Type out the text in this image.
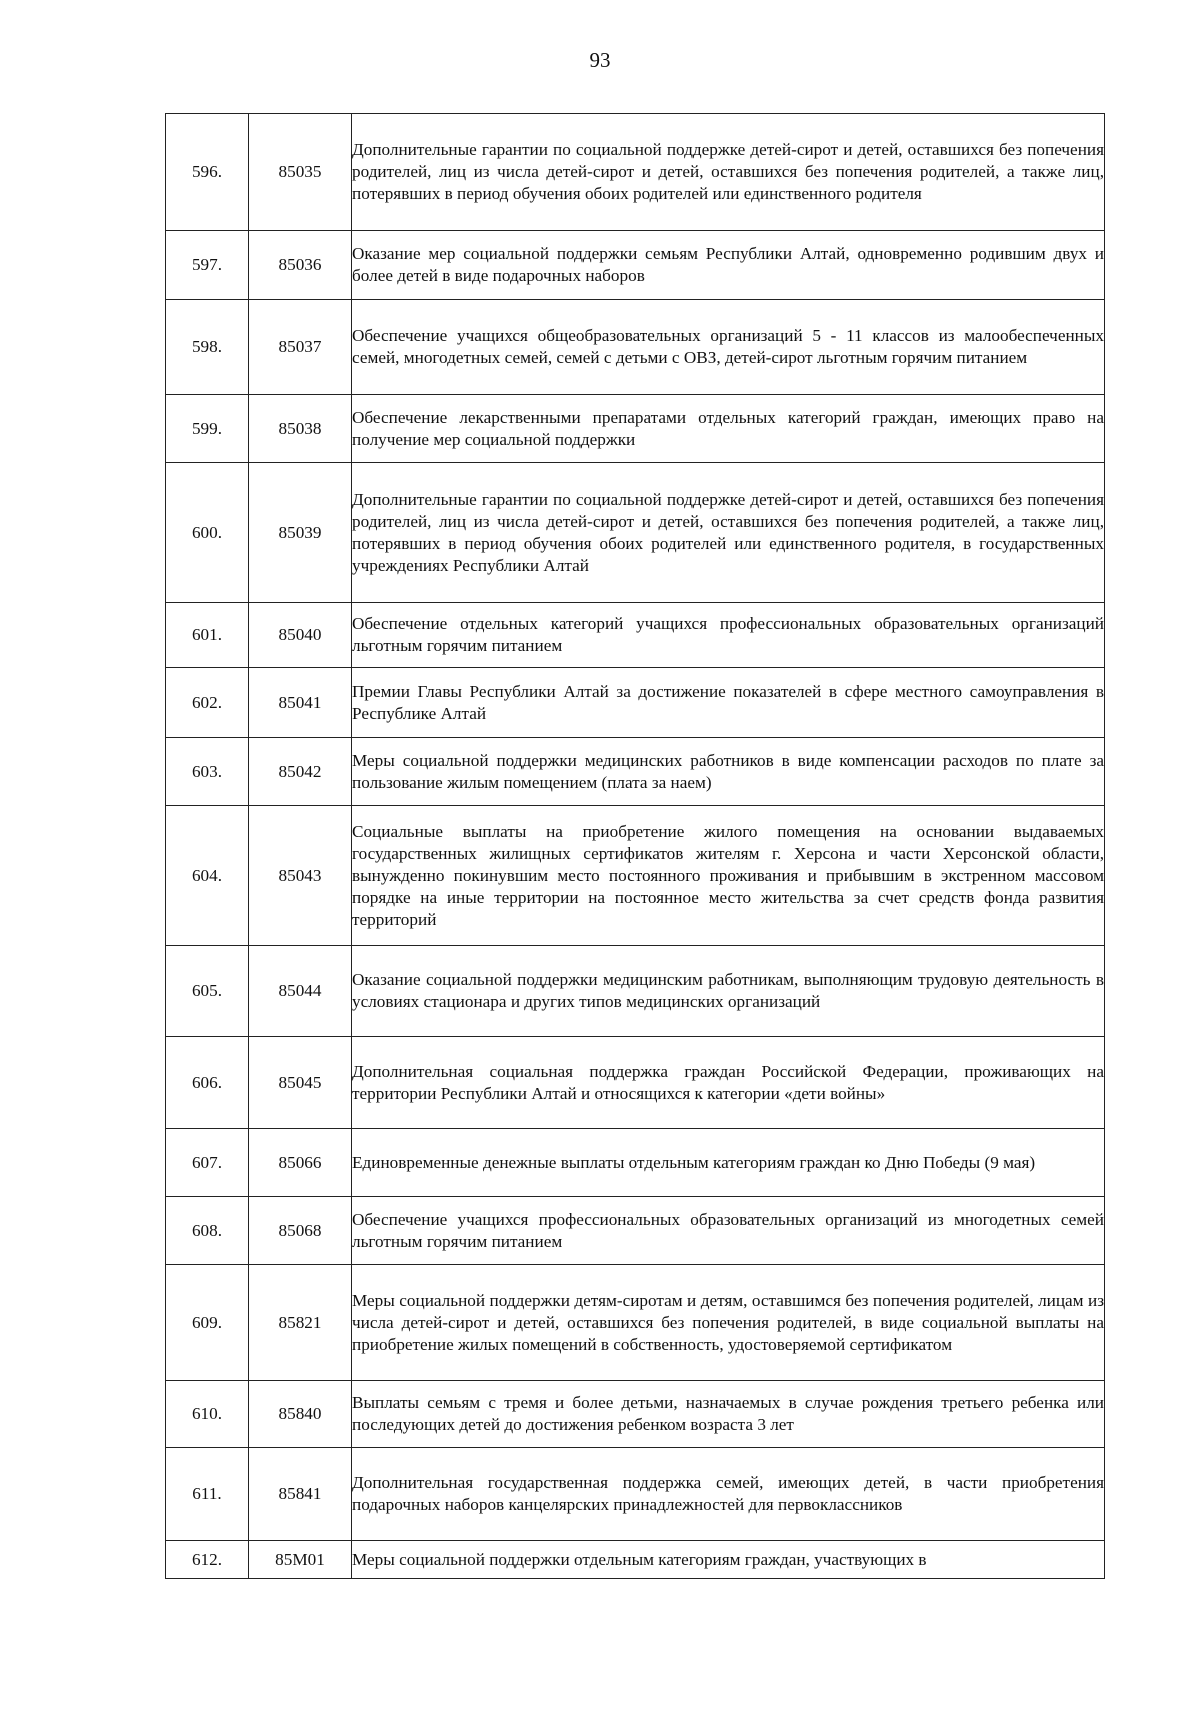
93
596.	85035	Дополнительные гарантии по социальной поддержке детей-сирот и детей, оставшихся без попечения родителей, лиц из числа детей-сирот и детей, оставшихся без попечения родителей, а также лиц, потерявших в период обучения обоих родителей или единственного родителя
597.	85036	Оказание мер социальной поддержки семьям Республики Алтай, одновременно родившим двух и более детей в виде подарочных наборов
598.	85037	Обеспечение учащихся общеобразовательных организаций 5 - 11 классов из малообеспеченных семей, многодетных семей, семей с детьми с ОВЗ, детей-сирот льготным горячим питанием
599.	85038	Обеспечение лекарственными препаратами отдельных категорий граждан, имеющих право на получение мер социальной поддержки
600.	85039	Дополнительные гарантии по социальной поддержке детей-сирот и детей, оставшихся без попечения родителей, лиц из числа детей-сирот и детей, оставшихся без попечения родителей, а также лиц, потерявших в период обучения обоих родителей или единственного родителя, в государственных учреждениях Республики Алтай
601.	85040	Обеспечение отдельных категорий учащихся профессиональных образовательных организаций льготным горячим питанием
602.	85041	Премии Главы Республики Алтай за достижение показателей в сфере местного самоуправления в Республике Алтай
603.	85042	Меры социальной поддержки медицинских работников в виде компенсации расходов по плате за пользование жилым помещением (плата за наем)
604.	85043	Социальные выплаты на приобретение жилого помещения на основании выдаваемых государственных жилищных сертификатов жителям г. Херсона и части Херсонской области, вынужденно покинувшим место постоянного проживания и прибывшим в экстренном массовом порядке на иные территории на постоянное место жительства за счет средств фонда развития территорий
605.	85044	Оказание социальной поддержки медицинским работникам, выполняющим трудовую деятельность в условиях стационара и других типов медицинских организаций
606.	85045	Дополнительная социальная поддержка граждан Российской Федерации, проживающих на территории Республики Алтай и относящихся к категории «дети войны»
607.	85066	Единовременные денежные выплаты отдельным категориям граждан ко Дню Победы (9 мая)
608.	85068	Обеспечение учащихся профессиональных образовательных организаций из многодетных семей льготным горячим питанием
609.	85821	Меры социальной поддержки детям-сиротам и детям, оставшимся без попечения родителей, лицам из числа детей-сирот и детей, оставшихся без попечения родителей, в виде социальной выплаты на приобретение жилых помещений в собственность, удостоверяемой сертификатом
610.	85840	Выплаты семьям с тремя и более детьми, назначаемых в случае рождения третьего ребенка или последующих детей до достижения ребенком возраста 3 лет
611.	85841	Дополнительная государственная поддержка семей, имеющих детей, в части приобретения подарочных наборов канцелярских принадлежностей для первоклассников
612.	85М01	Меры социальной поддержки отдельным категориям граждан, участвующих в
